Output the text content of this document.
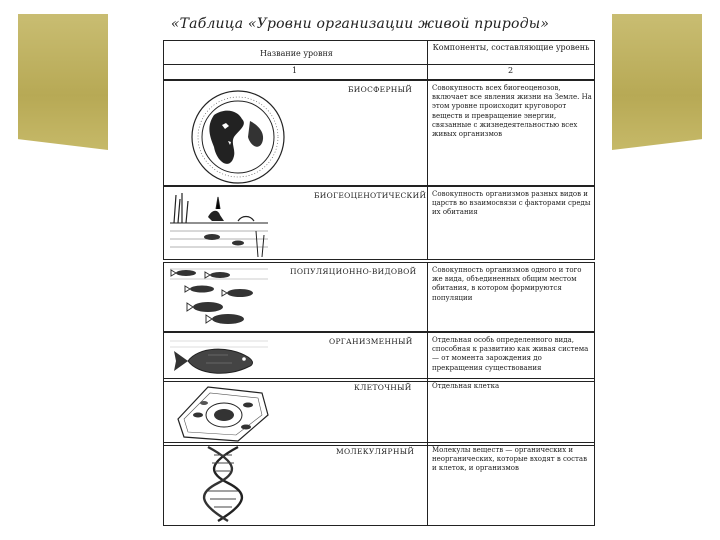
«Таблица «Уровни организации живой природы»
Название уровня
Компоненты, составляющие уровень
1	2
БИОСФЕРНЫЙ	Совокупность всех биогеоценозов, включает все явления жизни на Земле. На этом уровне происходит круговорот веществ и превращение энергии, связанные с жизнедеятельностью всех живых организмов
БИОГЕОЦЕНОТИЧЕСКИЙ Совокупность организмов разных видов и царств во взаимосвязи с факторами среды их обитания
ПОПУЛЯЦИОННО-ВИДОВОЙ Совокупность организмов одного и того же вида, объединенных общим местом обитания, в котором формируются популяции
ОРГАНИЗМЕННЫЙ	Отдельная особь определенного вида, способная к развитию как живая система — от момента зарождения до прекращения существования
КЛЕТОЧНЫЙ	Отдельная клетка
МОЛЕКУЛЯРНЫЙ	Молекулы веществ — органических и неорганических, которые входят в состав и клеток, и организмов
